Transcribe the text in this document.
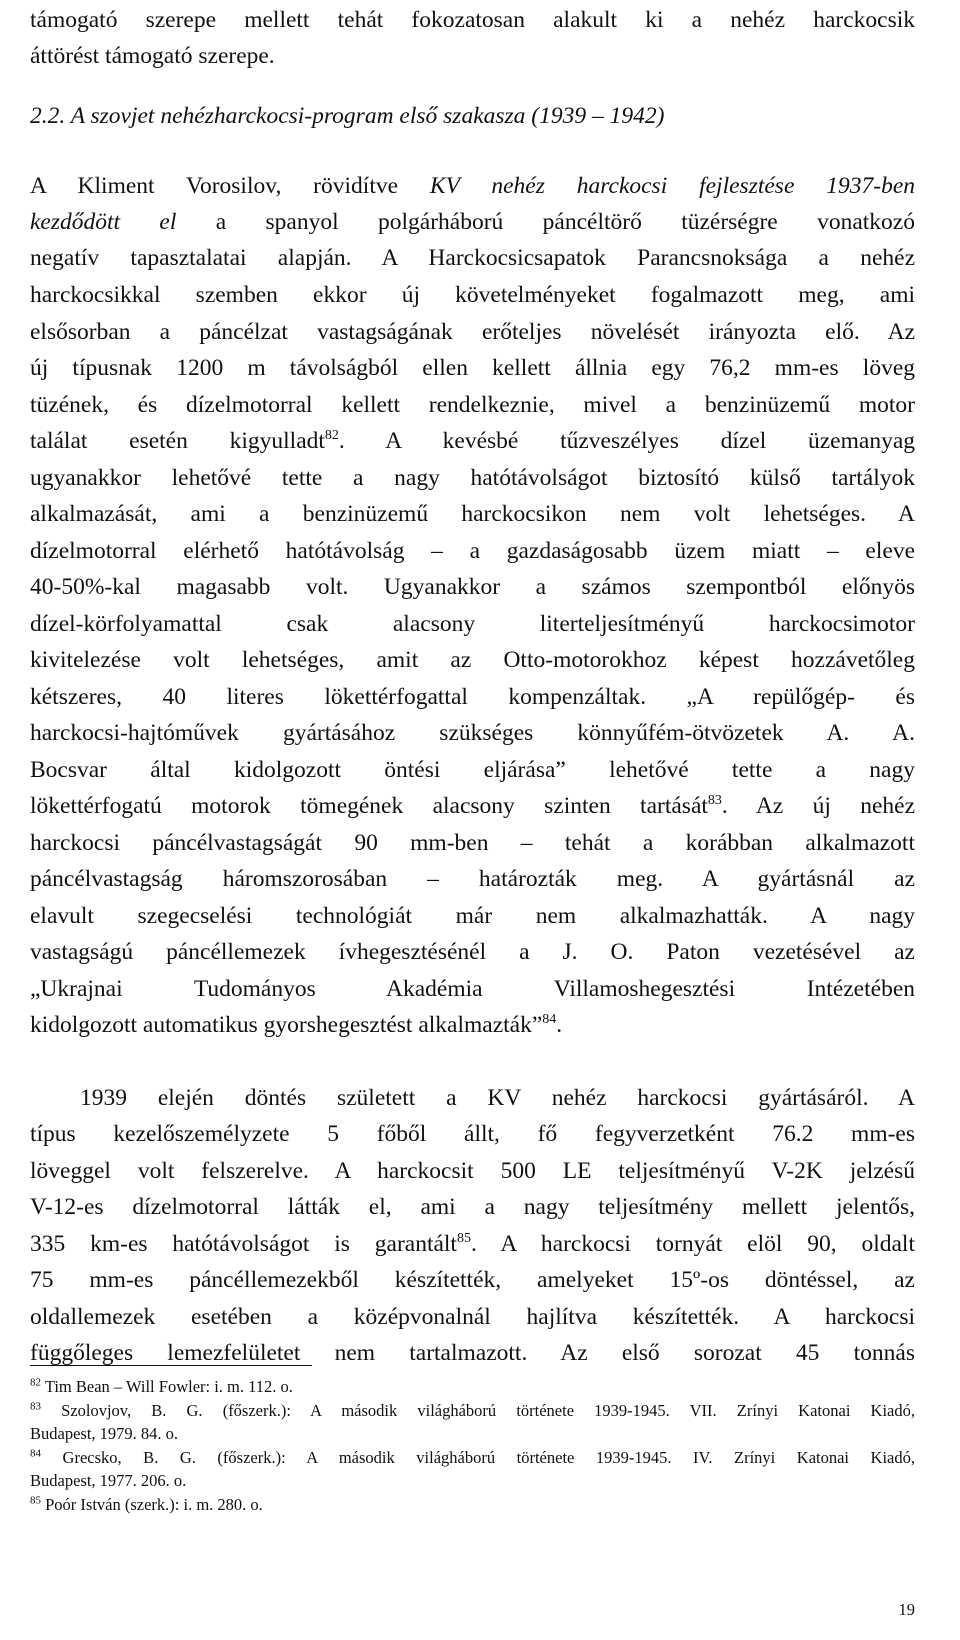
támogató szerepe mellett tehát fokozatosan alakult ki a nehéz harckocsik
áttörést támogató szerepe.
2.2. A szovjet nehézharckocsi-program első szakasza (1939 – 1942)
A Kliment Vorosilov, rövidítve KV nehéz harckocsi fejlesztése 1937-ben
kezdődött el a spanyol polgárháború páncéltörő tüzérségre vonatkozó
negatív tapasztalatai alapján. A Harckocsicsapatok Parancsnoksága a nehéz
harckocsikkal szemben ekkor új követelményeket fogalmazott meg, ami
elsősorban a páncélzat vastagságának erőteljes növelését irányozta elő. Az
új típusnak 1200 m távolságból ellen kellett állnia egy 76,2 mm-es löveg
tüzének, és dízelmotorral kellett rendelkeznie, mivel a benzinüzemű motor
találat esetén kigyulladt$^{82}$. A kevésbé tűzveszélyes dízel üzemanyag
ugyanakkor lehetővé tette a nagy hatótávolságot biztosító külső tartályok
alkalmazását, ami a benzinüzemű harckocsikon nem volt lehetséges. A
dízelmotorral elérhető hatótávolság – a gazdaságosabb üzem miatt – eleve
40-50%-kal magasabb volt. Ugyanakkor a számos szempontból előnyös
dízel-körfolyamattal csak alacsony literteljesítményű harckocsimotor
kivitelezése volt lehetséges, amit az Otto-motorokhoz képest hozzávetőleg
kétszeres, 40 literes lökettérfogattal kompenzáltak. „A repülőgép- és
harckocsi-hajtóművek gyártásához szükséges könnyűfém-ötvözetek A. A.
Bocsvar által kidolgozott öntési eljárása” lehetővé tette a nagy
lökettérfogatú motorok tömegének alacsony szinten tartását$^{83}$. Az új nehéz
harckocsi páncélvastagságát 90 mm-ben – tehát a korábban alkalmazott
páncélvastagság háromszorosában – határozták meg. A gyártásnál az
elavult szegecselési technológiát már nem alkalmazhatták. A nagy
vastagságú páncéllemezek ívhegesztésénél a J. O. Paton vezetésével az
„Ukrajnai Tudományos Akadémia Villamoshegesztési Intézetében
kidolgozott automatikus gyorshegesztést alkalmazták”$^{84}$.
1939 elején döntés született a KV nehéz harckocsi gyártásáról. A
típus kezelőszemélyzete 5 főből állt, fő fegyverzetként 76.2 mm-es
löveggel volt felszerelve. A harckocsit 500 LE teljesítményű V-2K jelzésű
V-12-es dízelmotorral látták el, ami a nagy teljesítmény mellett jelentős,
335 km-es hatótávolságot is garantált$^{85}$. A harckocsi tornyát elöl 90, oldalt
75 mm-es páncéllemezekből készítették, amelyeket 15º-os döntéssel, az
oldallemezek esetében a középvonalnál hajlítva készítették. A harckocsi
függőleges lemezfelületet nem tartalmazott. Az első sorozat 45 tonnás
$^{82}$ Tim Bean – Will Fowler: i. m. 112. o.
$^{83}$ Szolovjov, B. G. (főszerk.): A második világháború története 1939-1945. VII. Zrínyi Katonai Kiadó,
Budapest, 1979. 84. o.
$^{84}$ Grecsko, B. G. (főszerk.): A második világháború története 1939-1945. IV. Zrínyi Katonai Kiadó,
Budapest, 1977. 206. o.
$^{85}$ Poór István (szerk.): i. m. 280. o.
19
